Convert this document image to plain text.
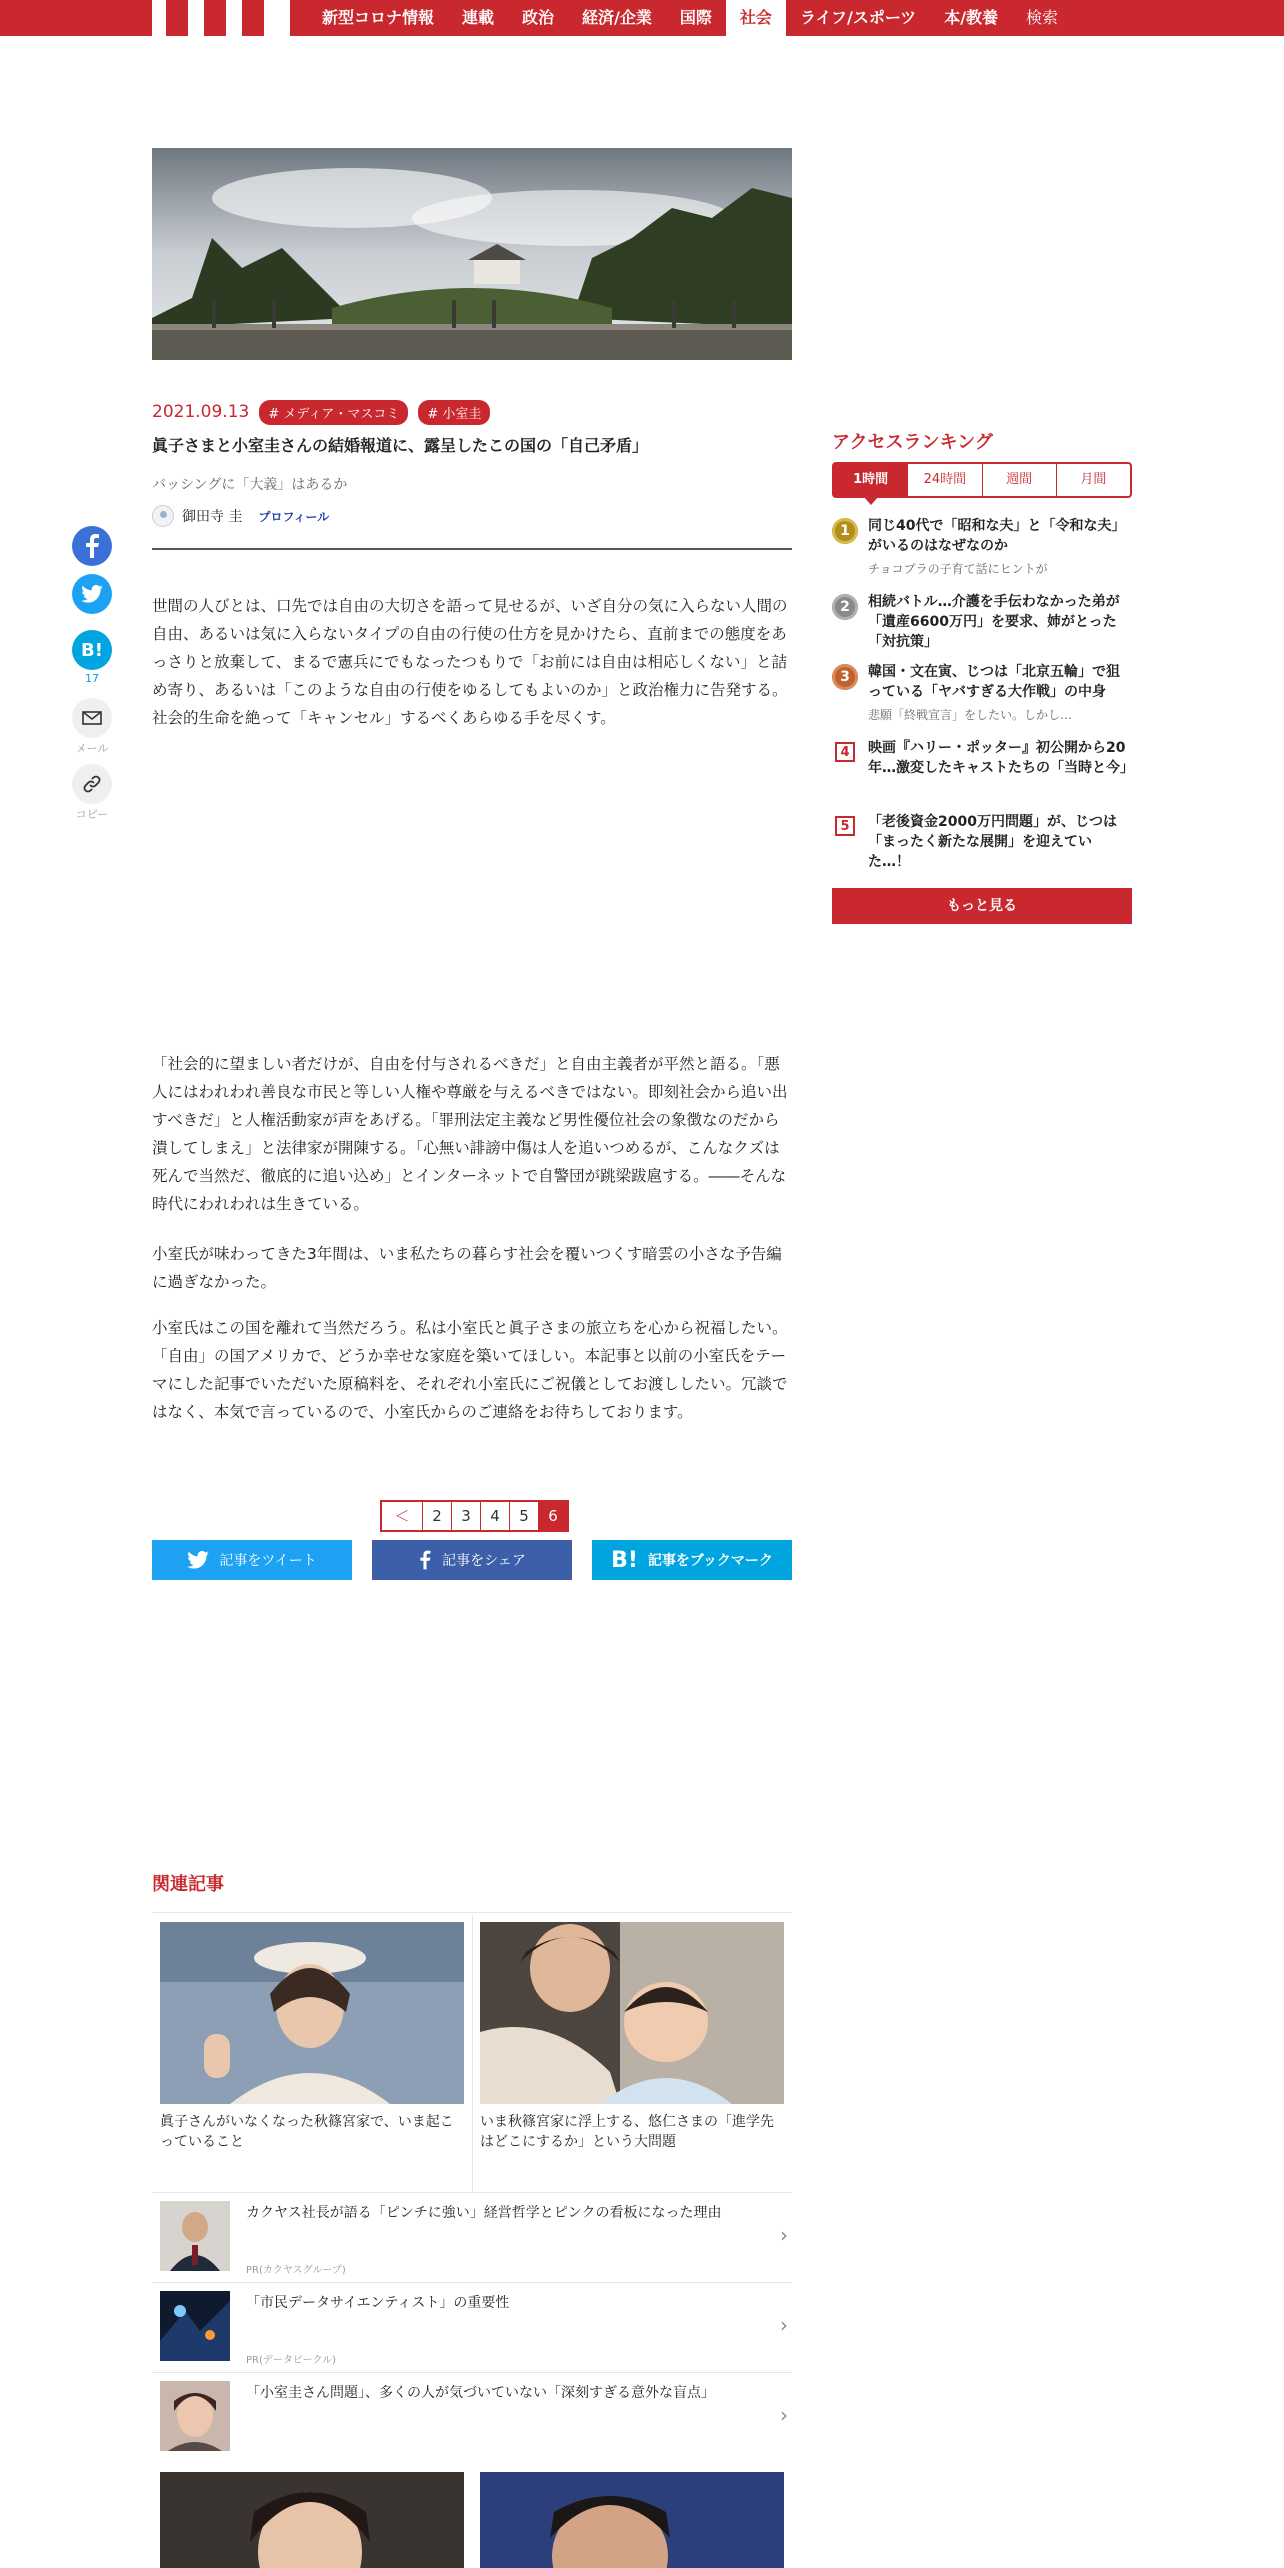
新型コロナ情報	連載	政治	経済/企業	国際	社会	ライフ/スポーツ	本/教養	検索
B!
17
メール
コピー
2021.09.13	# メディア・マスコミ	# 小室圭
眞子さまと小室圭さんの結婚報道に、露呈したこの国の「自己矛盾」
バッシングに「大義」はあるか
御田寺 圭 プロフィール

世間の人びとは、口先では自由の大切さを語って見せるが、いざ自分の気に入らない人間の自由、あるいは気に入らないタイプの自由の行使の仕方を見かけたら、直前までの態度をあっさりと放棄して、まるで憲兵にでもなったつもりで「お前には自由は相応しくない」と詰め寄り、あるいは「このような自由の行使をゆるしてもよいのか」と政治権力に告発する。社会的生命を絶って「キャンセル」するべくあらゆる手を尽くす。

「社会的に望ましい者だけが、自由を付与されるべきだ」と自由主義者が平然と語る。「悪人にはわれわれ善良な市民と等しい人権や尊厳を与えるべきではない。即刻社会から追い出すべきだ」と人権活動家が声をあげる。「罪刑法定主義など男性優位社会の象徴なのだから潰してしまえ」と法律家が開陳する。「心無い誹謗中傷は人を追いつめるが、こんなクズは死んで当然だ、徹底的に追い込め」とインターネットで自警団が跳梁跋扈する。――そんな時代にわれわれは生きている。

小室氏が味わってきた3年間は、いま私たちの暮らす社会を覆いつくす暗雲の小さな予告編に過ぎなかった。

小室氏はこの国を離れて当然だろう。私は小室氏と眞子さまの旅立ちを心から祝福したい。「自由」の国アメリカで、どうか幸せな家庭を築いてほしい。本記事と以前の小室氏をテーマにした記事でいただいた原稿料を、それぞれ小室氏にご祝儀としてお渡ししたい。冗談ではなく、本気で言っているので、小室氏からのご連絡をお待ちしております。

アクセスランキング
1時間	24時間	週間	月間
1	同じ40代で「昭和な夫」と「令和な夫」がいるのはなぜなのか
チョコプラの子育て話にヒントが
2	相続バトル…介護を手伝わなかった弟が「遺産6600万円」を要求、姉がとった「対抗策」
3	韓国・文在寅、じつは「北京五輪」で狙っている「ヤバすぎる大作戦」の中身
悲願「終戦宣言」をしたい。しかし…
4	映画『ハリー・ポッター』初公開から20年…激変したキャストたちの「当時と今」
5	「老後資金2000万円問題」が、じつは「まったく新たな展開」を迎えていた…！
もっと見る
＜	2	3	4	5	6
記事をツイート	記事をシェア	B! 記事をブックマーク
関連記事
眞子さんがいなくなった秋篠宮家で、いま起こっていること
いま秋篠宮家に浮上する、悠仁さまの「進学先はどこにするか」という大問題
カクヤス社長が語る「ピンチに強い」経営哲学とピンクの看板になった理由
PR(カクヤスグループ)
›
「市民データサイエンティスト」の重要性
PR(データビークル)
›
「小室圭さん問題」、多くの人が気づいていない「深刻すぎる意外な盲点」
›
